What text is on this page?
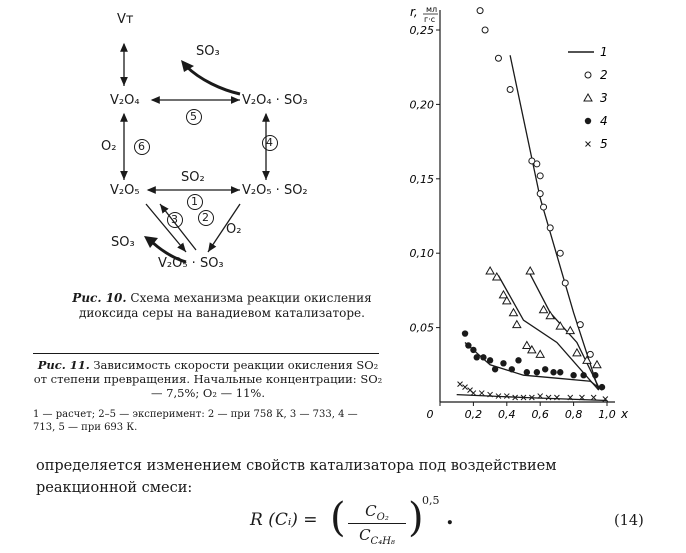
Vт
SO₃
V₂O₄	V₂O₄ · SO₃
O₂
SO₂
V₂O₅	V₂O₅ · SO₂
O₂
SO₃
V₂O₅ · SO₃
5
6	4
1
2
3
Рис. 10. Схема механизма реакции окисления диоксида серы на ванадиевом катализаторе.
Рис. 11. Зависимость скорости реакции окисления SO₂ от степени превращения. Начальные концентрации: SO₂ — 7,5%; O₂ — 11%.
1 — расчет; 2–5 — эксперимент: 2 — при 758 К, 3 — 733, 4 — 713, 5 — при 693 К.
r, мл
г·с
0,05
0,10
0,15
0,20
0,25
0	0,2 0,4 0,6 0,8 1,0 x
1
2
3
4
5
определяется изменением свойств катализатора под воздействием реакционной смеси:
R (Cᵢ) = (	$C_{O_2}$
$C_{C_4H_8}$
)
0,5
.	(14)
